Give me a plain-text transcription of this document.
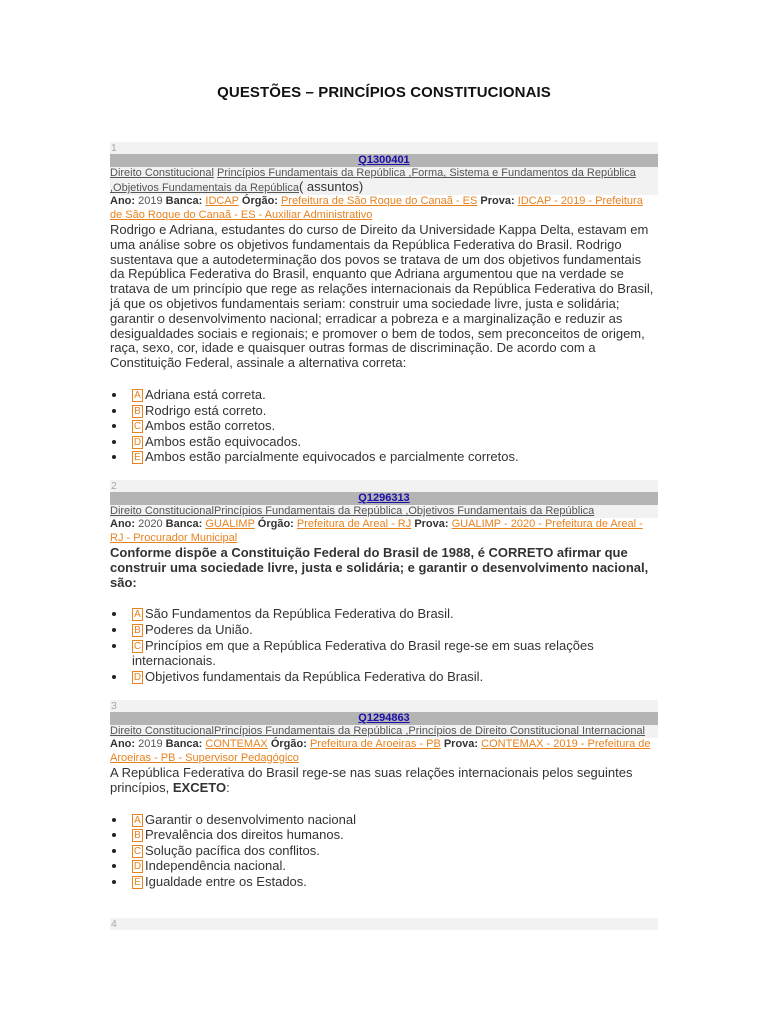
QUESTÕES – PRINCÍPIOS CONSTITUCIONAIS
1
Q1300401
Direito Constitucional Princípios Fundamentais da República ,Forma, Sistema e Fundamentos da República ,Objetivos Fundamentais da República( assuntos)
Ano: 2019 Banca: IDCAP Órgão: Prefeitura de São Roque do Canaã - ES Prova: IDCAP - 2019 - Prefeitura de São Roque do Canaã - ES - Auxiliar Administrativo
Rodrigo e Adriana, estudantes do curso de Direito da Universidade Kappa Delta, estavam em uma análise sobre os objetivos fundamentais da República Federativa do Brasil. Rodrigo sustentava que a autodeterminação dos povos se tratava de um dos objetivos fundamentais da República Federativa do Brasil, enquanto que Adriana argumentou que na verdade se tratava de um princípio que rege as relações internacionais da República Federativa do Brasil, já que os objetivos fundamentais seriam: construir uma sociedade livre, justa e solidária; garantir o desenvolvimento nacional; erradicar a pobreza e a marginalização e reduzir as desigualdades sociais e regionais; e promover o bem de todos, sem preconceitos de origem, raça, sexo, cor, idade e quaisquer outras formas de discriminação. De acordo com a Constituição Federal, assinale a alternativa correta:
A Adriana está correta.
B Rodrigo está correto.
C Ambos estão corretos.
D Ambos estão equivocados.
E Ambos estão parcialmente equivocados e parcialmente corretos.
2
Q1296313
Direito ConstitucionalPrincípios Fundamentais da República ,Objetivos Fundamentais da República
Ano: 2020 Banca: GUALIMP Órgão: Prefeitura de Areal - RJ Prova: GUALIMP - 2020 - Prefeitura de Areal - RJ - Procurador Municipal
Conforme dispõe a Constituição Federal do Brasil de 1988, é CORRETO afirmar que construir uma sociedade livre, justa e solidária; e garantir o desenvolvimento nacional, são:
A São Fundamentos da República Federativa do Brasil.
B Poderes da União.
C Princípios em que a República Federativa do Brasil rege-se em suas relações internacionais.
D Objetivos fundamentais da República Federativa do Brasil.
3
Q1294863
Direito ConstitucionalPrincípios Fundamentais da República ,Princípios de Direito Constitucional Internacional
Ano: 2019 Banca: CONTEMAX Órgão: Prefeitura de Aroeiras - PB Prova: CONTEMAX - 2019 - Prefeitura de Aroeiras - PB - Supervisor Pedagógico
A República Federativa do Brasil rege-se nas suas relações internacionais pelos seguintes princípios, EXCETO:
A Garantir o desenvolvimento nacional
B Prevalência dos direitos humanos.
C Solução pacífica dos conflitos.
D Independência nacional.
E Igualdade entre os Estados.
4
